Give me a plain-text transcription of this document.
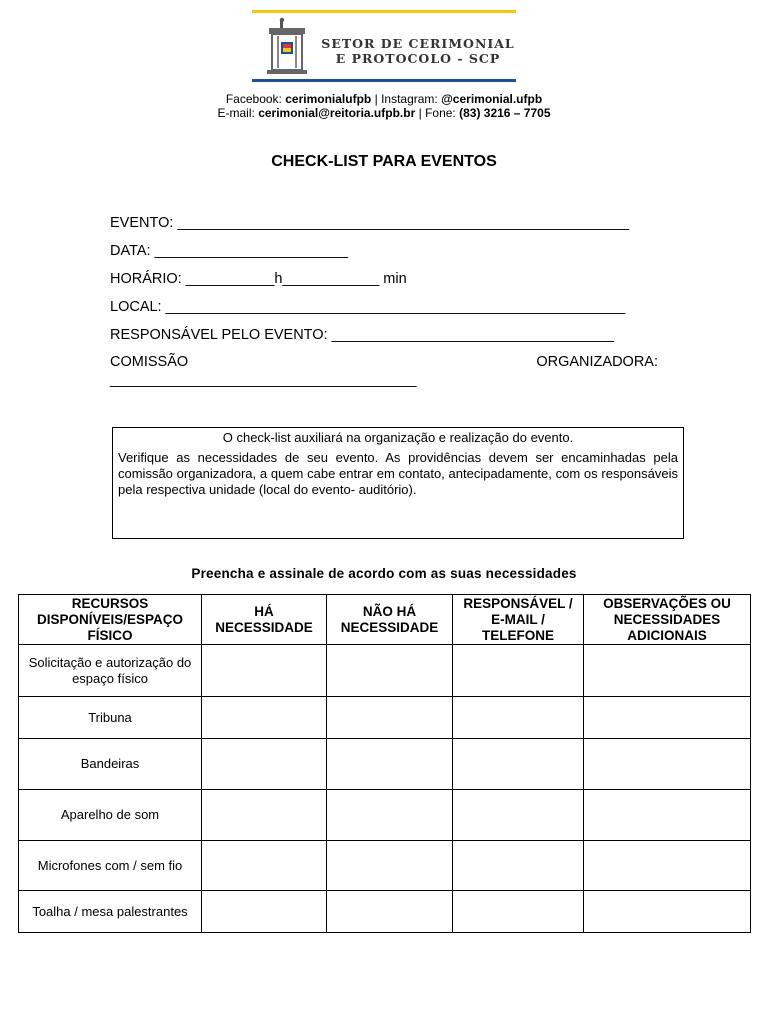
SETOR DE CERIMONIAL
E PROTOCOLO - SCP
Facebook: cerimonialufpb | Instagram: @cerimonial.ufpb
E-mail: cerimonial@reitoria.ufpb.br | Fone: (83) 3216 – 7705
CHECK-LIST PARA EVENTOS
EVENTO: ________________________________________________________
DATA: ________________________
HORÁRIO: ___________h____________ min
LOCAL: _________________________________________________________
RESPONSÁVEL PELO EVENTO: ___________________________________
COMISSÃO	ORGANIZADORA:
______________________________________

O check-list auxiliará na organização e realização do evento.

Verifique as necessidades de seu evento. As providências devem ser encaminhadas pela comissão organizadora, a quem cabe entrar em contato, antecipadamente, com os responsáveis pela respectiva unidade (local do evento- auditório).

Preencha e assinale de acordo com as suas necessidades
RECURSOS DISPONÍVEIS/ESPAÇO FÍSICO	HÁ NECESSIDADE	NÃO HÁ NECESSIDADE	RESPONSÁVEL / E-MAIL / TELEFONE	OBSERVAÇÕES OU NECESSIDADES ADICIONAIS
Solicitação e autorização do espaço físico				
Tribuna				
Bandeiras				
Aparelho de som				
Microfones com / sem fio				
Toalha / mesa palestrantes				
